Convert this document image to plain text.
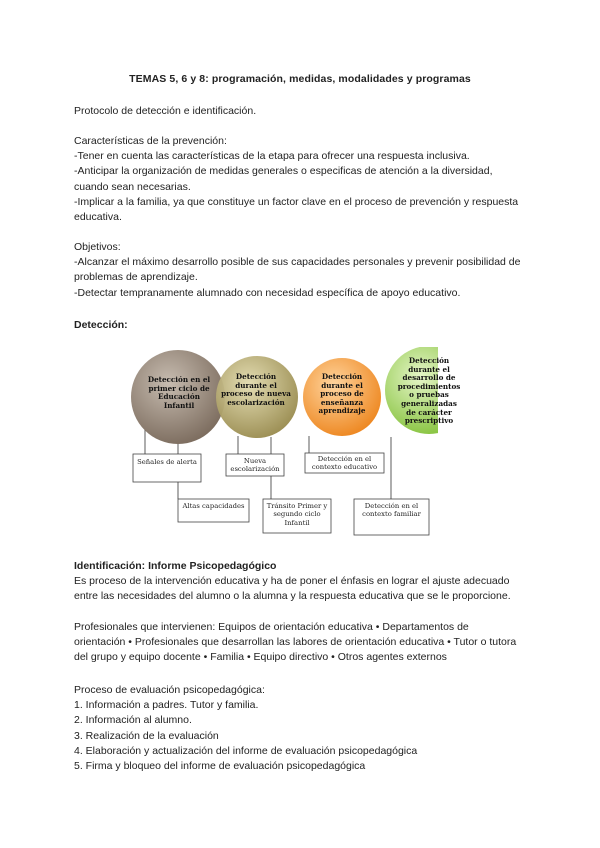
TEMAS 5, 6 y 8: programación, medidas, modalidades y programas

Protocolo de detección e identificación.

Características de la prevención:
-Tener en cuenta las características de la etapa para ofrecer una respuesta inclusiva.
-Anticipar la organización de medidas generales o especificas de atención a la diversidad,
cuando sean necesarias.
-Implicar a la familia, ya que constituye un factor clave en el proceso de prevención y respuesta
educativa.
Objetivos:
-Alcanzar el máximo desarrollo posible de sus capacidades personales y prevenir posibilidad de
problemas de aprendizaje.
-Detectar tempranamente alumnado con necesidad específica de apoyo educativo.
Detección:
Detección en el primer ciclo de Educación Infantil
Detección durante el proceso de nueva escolarización
Detección durante el proceso de enseñanza aprendizaje
Detección durante el desarrollo de procedimientos o pruebas generalizadas de carácter prescriptivo
Señales de alerta	Nueva escolarización
Altas capacidades	Tránsito Primer y segundo ciclo Infantil
Detección en el contexto educativo
Detección en el contexto familiar
Identificación: Informe Psicopedagógico
Es proceso de la intervención educativa y ha de poner el énfasis en lograr el ajuste adecuado
entre las necesidades del alumno o la alumna y la respuesta educativa que se le proporcione.
Profesionales que intervienen: Equipos de orientación educativa • Departamentos de
orientación • Profesionales que desarrollan las labores de orientación educativa • Tutor o tutora
del grupo y equipo docente • Familia • Equipo directivo • Otros agentes externos
Proceso de evaluación psicopedagógica:
1. Información a padres. Tutor y familia.
2. Información al alumno.
3. Realización de la evaluación
4. Elaboración y actualización del informe de evaluación psicopedagógica
5. Firma y bloqueo del informe de evaluación psicopedagógica
